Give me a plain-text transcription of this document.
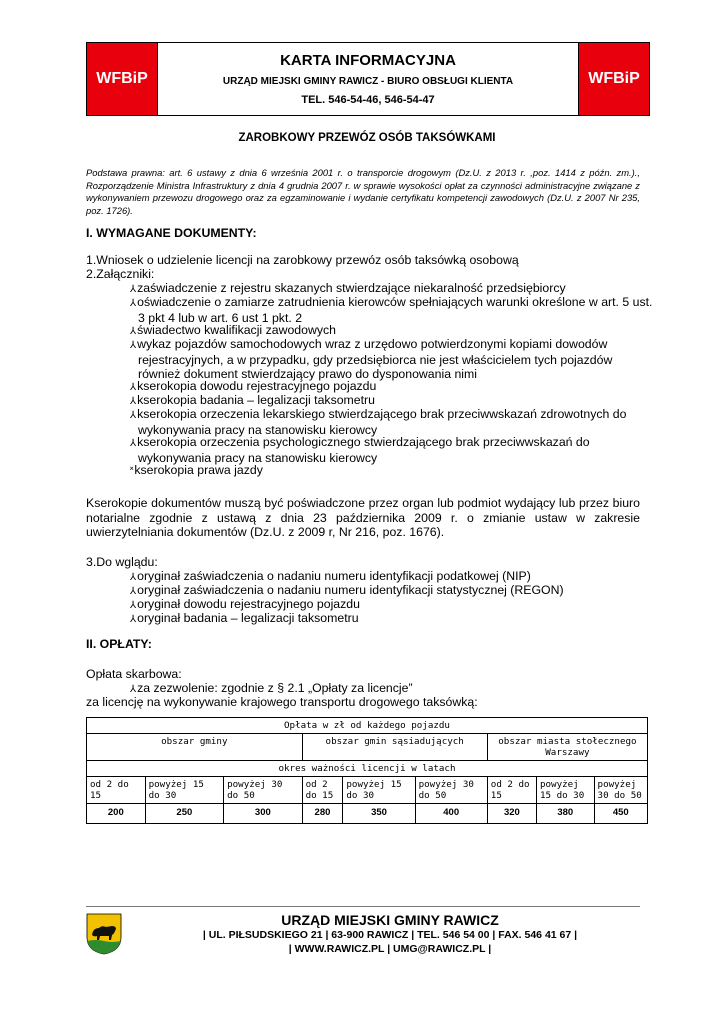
WFBiP
KARTA INFORMACYJNA
URZĄD MIEJSKI GMINY RAWICZ - BIURO OBSŁUGI KLIENTA
TEL. 546-54-46, 546-54-47
WFBiP
ZAROBKOWY PRZEWÓZ OSÓB TAKSÓWKAMI
Podstawa prawna: art. 6 ustawy z dnia 6 września 2001 r. o transporcie drogowym (Dz.U. z 2013 r. ,poz. 1414 z późn. zm.)., Rozporządzenie Ministra Infrastruktury z dnia 4 grudnia 2007 r. w sprawie wysokości opłat za czynności administracyjne związane z wykonywaniem przewozu drogowego oraz za egzaminowanie i wydanie certyfikatu kompetencji zawodowych (Dz.U. z 2007 Nr 235, poz. 1726).
I. WYMAGANE DOKUMENTY:
1.Wniosek o udzielenie licencji na zarobkowy przewóz osób taksówką osobową
2.Załączniki:
⅄zaświadczenie z rejestru skazanych stwierdzające niekaralność przedsiębiorcy
⅄oświadczenie o zamiarze zatrudnienia kierowców spełniających warunki określone w art. 5 ust. 3 pkt 4 lub w art. 6 ust 1 pkt. 2
⅄świadectwo kwalifikacji zawodowych
⅄wykaz pojazdów samochodowych wraz z urzędowo potwierdzonymi kopiami dowodów rejestracyjnych, a w przypadku, gdy przedsiębiorca nie jest właścicielem tych pojazdów również dokument stwierdzający prawo do dysponowania nimi
⅄kserokopia dowodu rejestracyjnego pojazdu
⅄kserokopia badania – legalizacji taksometru
⅄kserokopia orzeczenia lekarskiego stwierdzającego brak przeciwwskazań zdrowotnych do wykonywania pracy na stanowisku kierowcy
⅄kserokopia orzeczenia psychologicznego stwierdzającego brak przeciwwskazań do wykonywania pracy na stanowisku kierowcy
˟kserokopia prawa jazdy
Kserokopie dokumentów muszą być poświadczone przez organ lub podmiot wydający lub przez biuro notarialne zgodnie z ustawą z dnia 23 października 2009 r. o zmianie ustaw w zakresie uwierzytelniania dokumentów (Dz.U. z 2009 r, Nr 216, poz. 1676).
3.Do wglądu:
⅄oryginał zaświadczenia o nadaniu numeru identyfikacji podatkowej (NIP)
⅄oryginał zaświadczenia o nadaniu numeru identyfikacji statystycznej (REGON)
⅄oryginał dowodu rejestracyjnego pojazdu
⅄oryginał badania – legalizacji taksometru
II. OPŁATY:
Opłata skarbowa:
⅄za zezwolenie: zgodnie z § 2.1 „Opłaty za licencje”
za licencję na wykonywanie krajowego transportu drogowego taksówką:
Opłata w zł od każdego pojazdu								
obszar gminy			obszar gmin sąsiadujących			obszar miasta stołecznego Warszawy		
okres ważności licencji w latach								
od 2 do 15	powyżej 15 do 30	powyżej 30 do 50	od 2 do 15	powyżej 15 do 30	powyżej 30 do 50	od 2 do 15	powyżej 15 do 30	powyżej 30 do 50
200	250	300	280	350	400	320	380	450
URZĄD MIEJSKI GMINY RAWICZ
| UL. PIŁSUDSKIEGO 21 | 63-900 RAWICZ | TEL. 546 54 00 | FAX. 546 41 67 |
| WWW.RAWICZ.PL | UMG@RAWICZ.PL |
